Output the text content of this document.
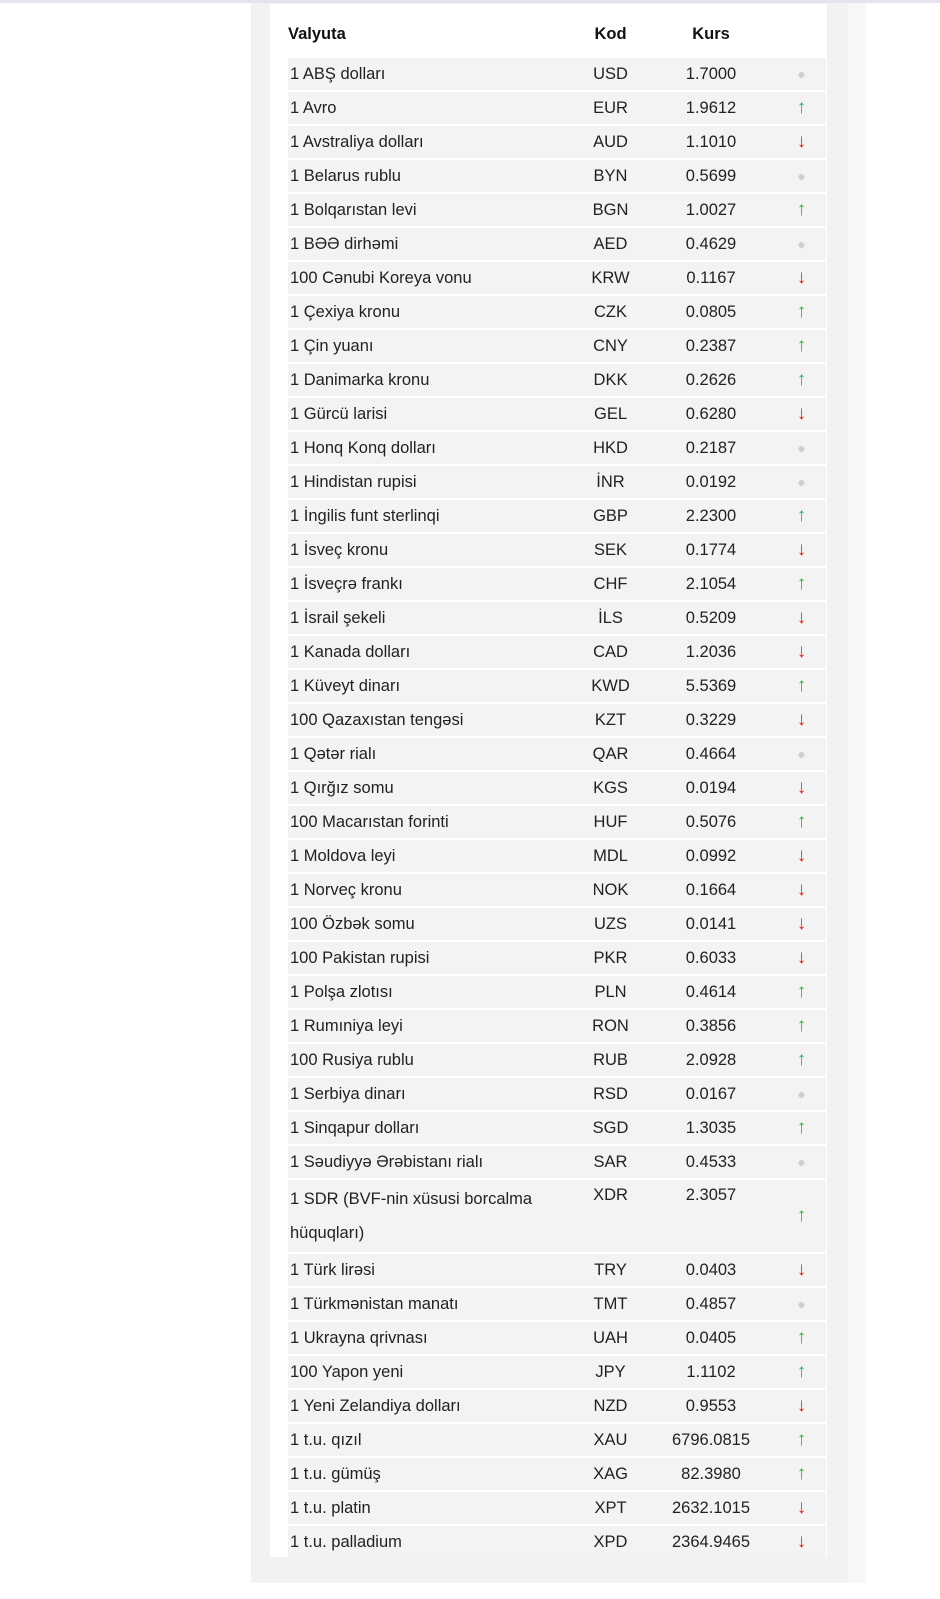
Valyuta	Kod	Kurs	
1 ABŞ dolları	USD	1.7000	●
1 Avro	EUR	1.9612	↑
1 Avstraliya dolları	AUD	1.1010	↓
1 Belarus rublu	BYN	0.5699	●
1 Bolqarıstan levi	BGN	1.0027	↑
1 BƏƏ dirhəmi	AED	0.4629	●
100 Cənubi Koreya vonu	KRW	0.1167	↓
1 Çexiya kronu	CZK	0.0805	↑
1 Çin yuanı	CNY	0.2387	↑
1 Danimarka kronu	DKK	0.2626	↑
1 Gürcü larisi	GEL	0.6280	↓
1 Honq Konq dolları	HKD	0.2187	●
1 Hindistan rupisi	İNR	0.0192	●
1 İngilis funt sterlinqi	GBP	2.2300	↑
1 İsveç kronu	SEK	0.1774	↓
1 İsveçrə frankı	CHF	2.1054	↑
1 İsrail şekeli	İLS	0.5209	↓
1 Kanada dolları	CAD	1.2036	↓
1 Küveyt dinarı	KWD	5.5369	↑
100 Qazaxıstan tengəsi	KZT	0.3229	↓
1 Qətər rialı	QAR	0.4664	●
1 Qırğız somu	KGS	0.0194	↓
100 Macarıstan forinti	HUF	0.5076	↑
1 Moldova leyi	MDL	0.0992	↓
1 Norveç kronu	NOK	0.1664	↓
100 Özbək somu	UZS	0.0141	↓
100 Pakistan rupisi	PKR	0.6033	↓
1 Polşa zlotısı	PLN	0.4614	↑
1 Rumıniya leyi	RON	0.3856	↑
100 Rusiya rublu	RUB	2.0928	↑
1 Serbiya dinarı	RSD	0.0167	●
1 Sinqapur dolları	SGD	1.3035	↑
1 Səudiyyə Ərəbistanı rialı	SAR	0.4533	●

1 SDR (BVF-nin xüsusi borcalma
hüquqları)	XDR	2.3057	↑
1 Türk lirəsi	TRY	0.0403	↓
1 Türkmənistan manatı	TMT	0.4857	●
1 Ukrayna qrivnası	UAH	0.0405	↑
100 Yapon yeni	JPY	1.1102	↑
1 Yeni Zelandiya dolları	NZD	0.9553	↓
1 t.u. qızıl	XAU	6796.0815	↑
1 t.u. gümüş	XAG	82.3980	↑
1 t.u. platin	XPT	2632.1015	↓
1 t.u. palladium	XPD	2364.9465	↓
